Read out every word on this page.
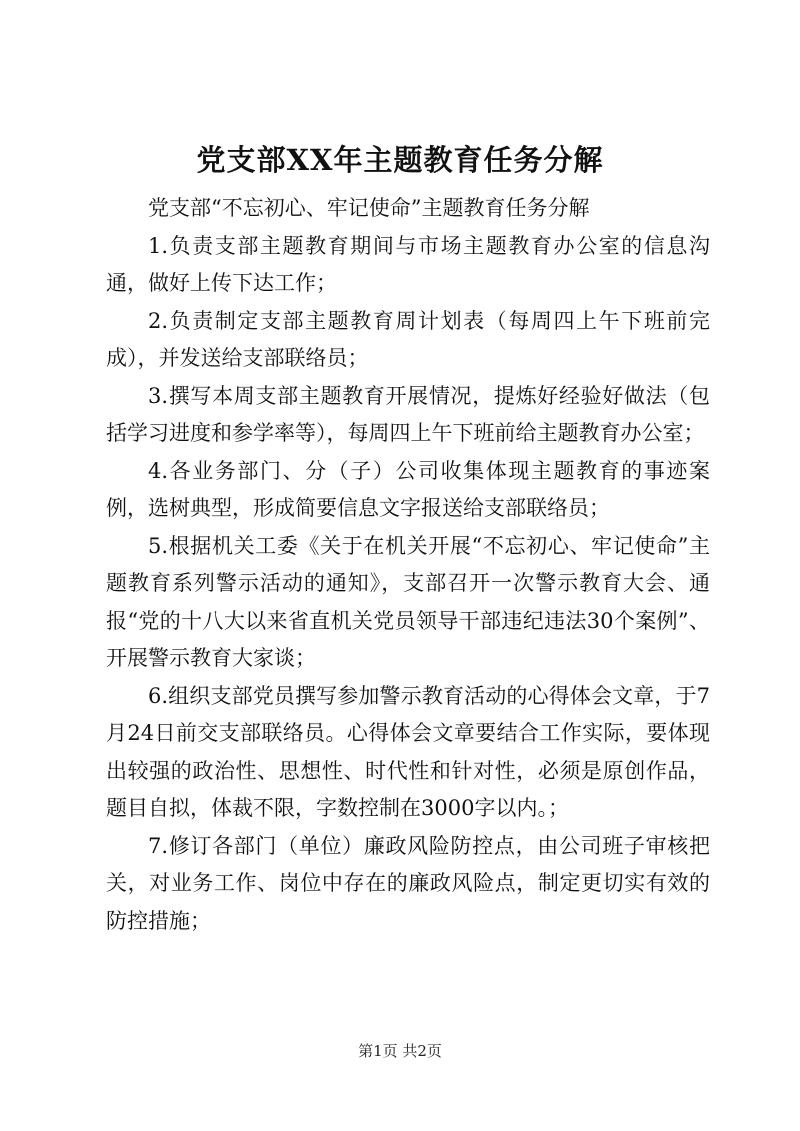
党支部XX年主题教育任务分解

党支部“不忘初心、牢记使命”主题教育任务分解

1.负责支部主题教育期间与市场主题教育办公室的信息沟通，做好上传下达工作；

2.负责制定支部主题教育周计划表（每周四上午下班前完成），并发送给支部联络员；

3.撰写本周支部主题教育开展情况，提炼好经验好做法（包括学习进度和参学率等），每周四上午下班前给主题教育办公室；

4.各业务部门、分（子）公司收集体现主题教育的事迹案例，选树典型，形成简要信息文字报送给支部联络员；

5.根据机关工委《关于在机关开展“不忘初心、牢记使命”主题教育系列警示活动的通知》，支部召开一次警示教育大会、通报“党的十八大以来省直机关党员领导干部违纪违法30个案例”、开展警示教育大家谈；

6.组织支部党员撰写参加警示教育活动的心得体会文章，于7月24日前交支部联络员。心得体会文章要结合工作实际，要体现出较强的政治性、思想性、时代性和针对性，必须是原创作品，题目自拟，体裁不限，字数控制在3000字以内。；

7.修订各部门（单位）廉政风险防控点，由公司班子审核把关，对业务工作、岗位中存在的廉政风险点，制定更切实有效的防控措施；

第1页 共2页
